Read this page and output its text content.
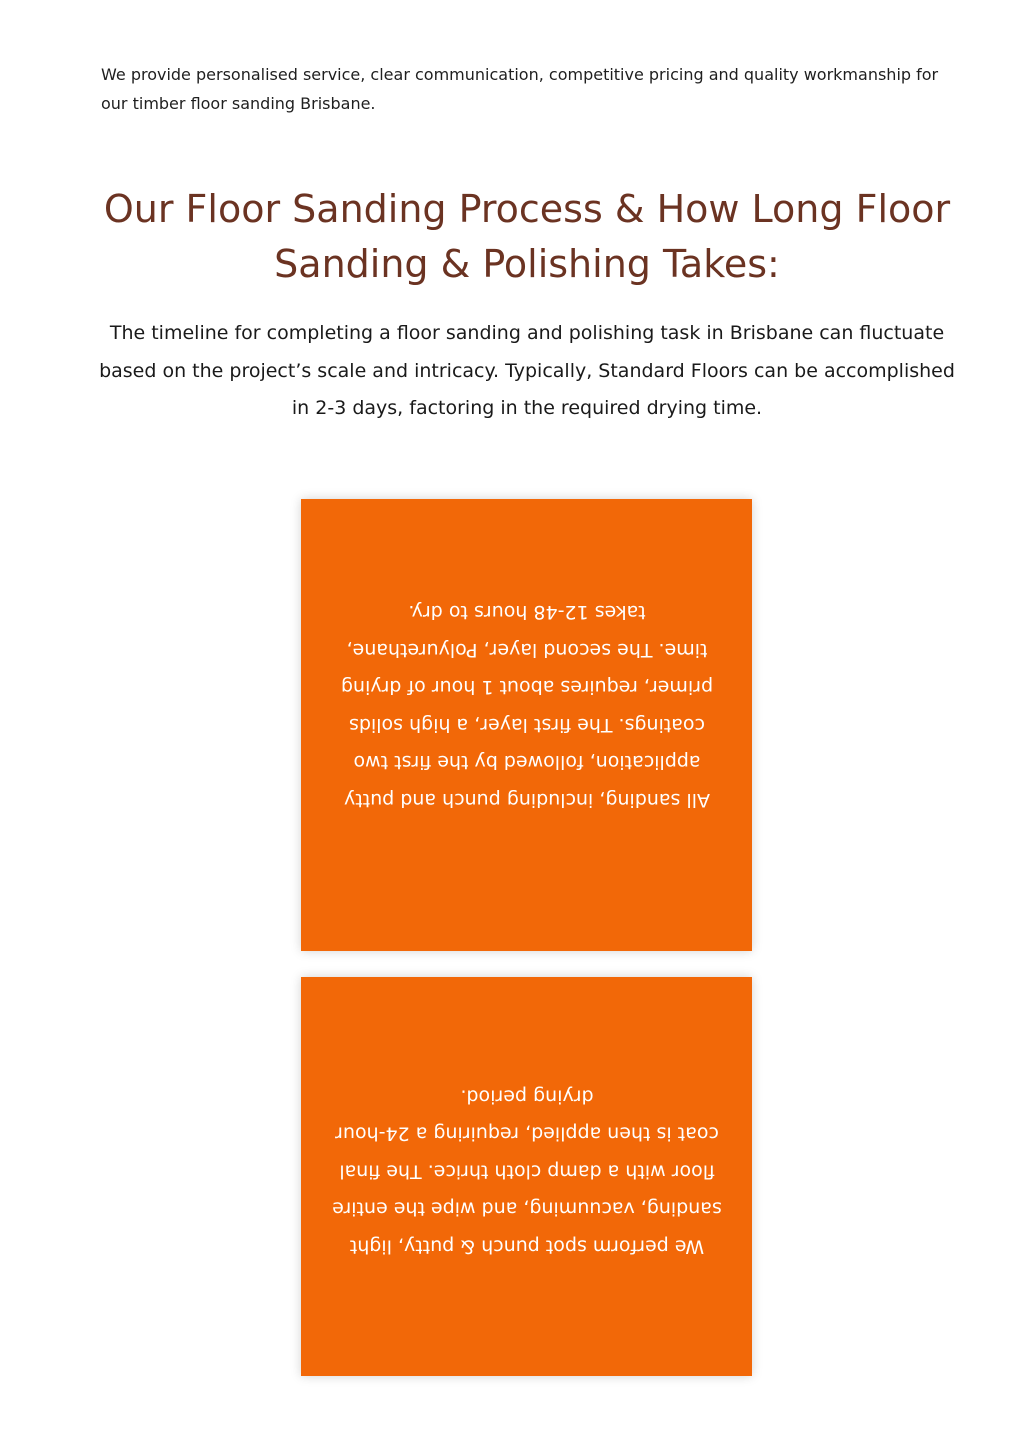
We provide personalised service, clear communication, competitive pricing and quality workmanship for our timber floor sanding Brisbane.

Our Floor Sanding Process & How Long Floor Sanding & Polishing Takes:

The timeline for completing a floor sanding and polishing task in Brisbane can fluctuate based on the project’s scale and intricacy. Typically, Standard Floors can be accomplished in 2-3 days, factoring in the required drying time.

All sanding, including punch and putty application, followed by the first two coatings. The first layer, a high solids primer, requires about 1 hour of drying time. The second layer, Polyurethane, takes 12-48 hours to dry.

We perform spot punch & putty, light sanding, vacuuming, and wipe the entire floor with a damp cloth thrice. The final coat is then applied, requiring a 24-hour drying period.
